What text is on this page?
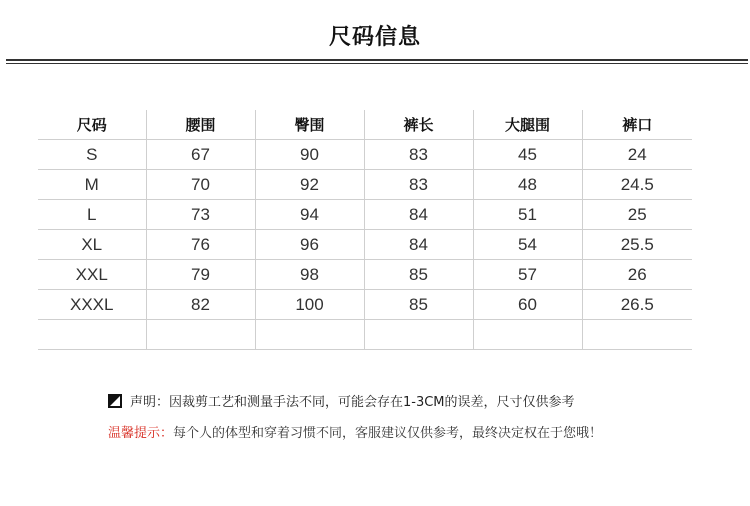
尺码信息
尺码	腰围	臀围	裤长	大腿围	裤口
S	67	90	83	45	24
M	70	92	83	48	24.5
L	73	94	84	51	25
XL	76	96	84	54	25.5
XXL	79	98	85	57	26
XXXL	82	100	85	60	26.5

声明：因裁剪工艺和测量手法不同，可能会存在1-3CM的误差，尺寸仅供参考
温馨提示：每个人的体型和穿着习惯不同，客服建议仅供参考，最终决定权在于您哦！
